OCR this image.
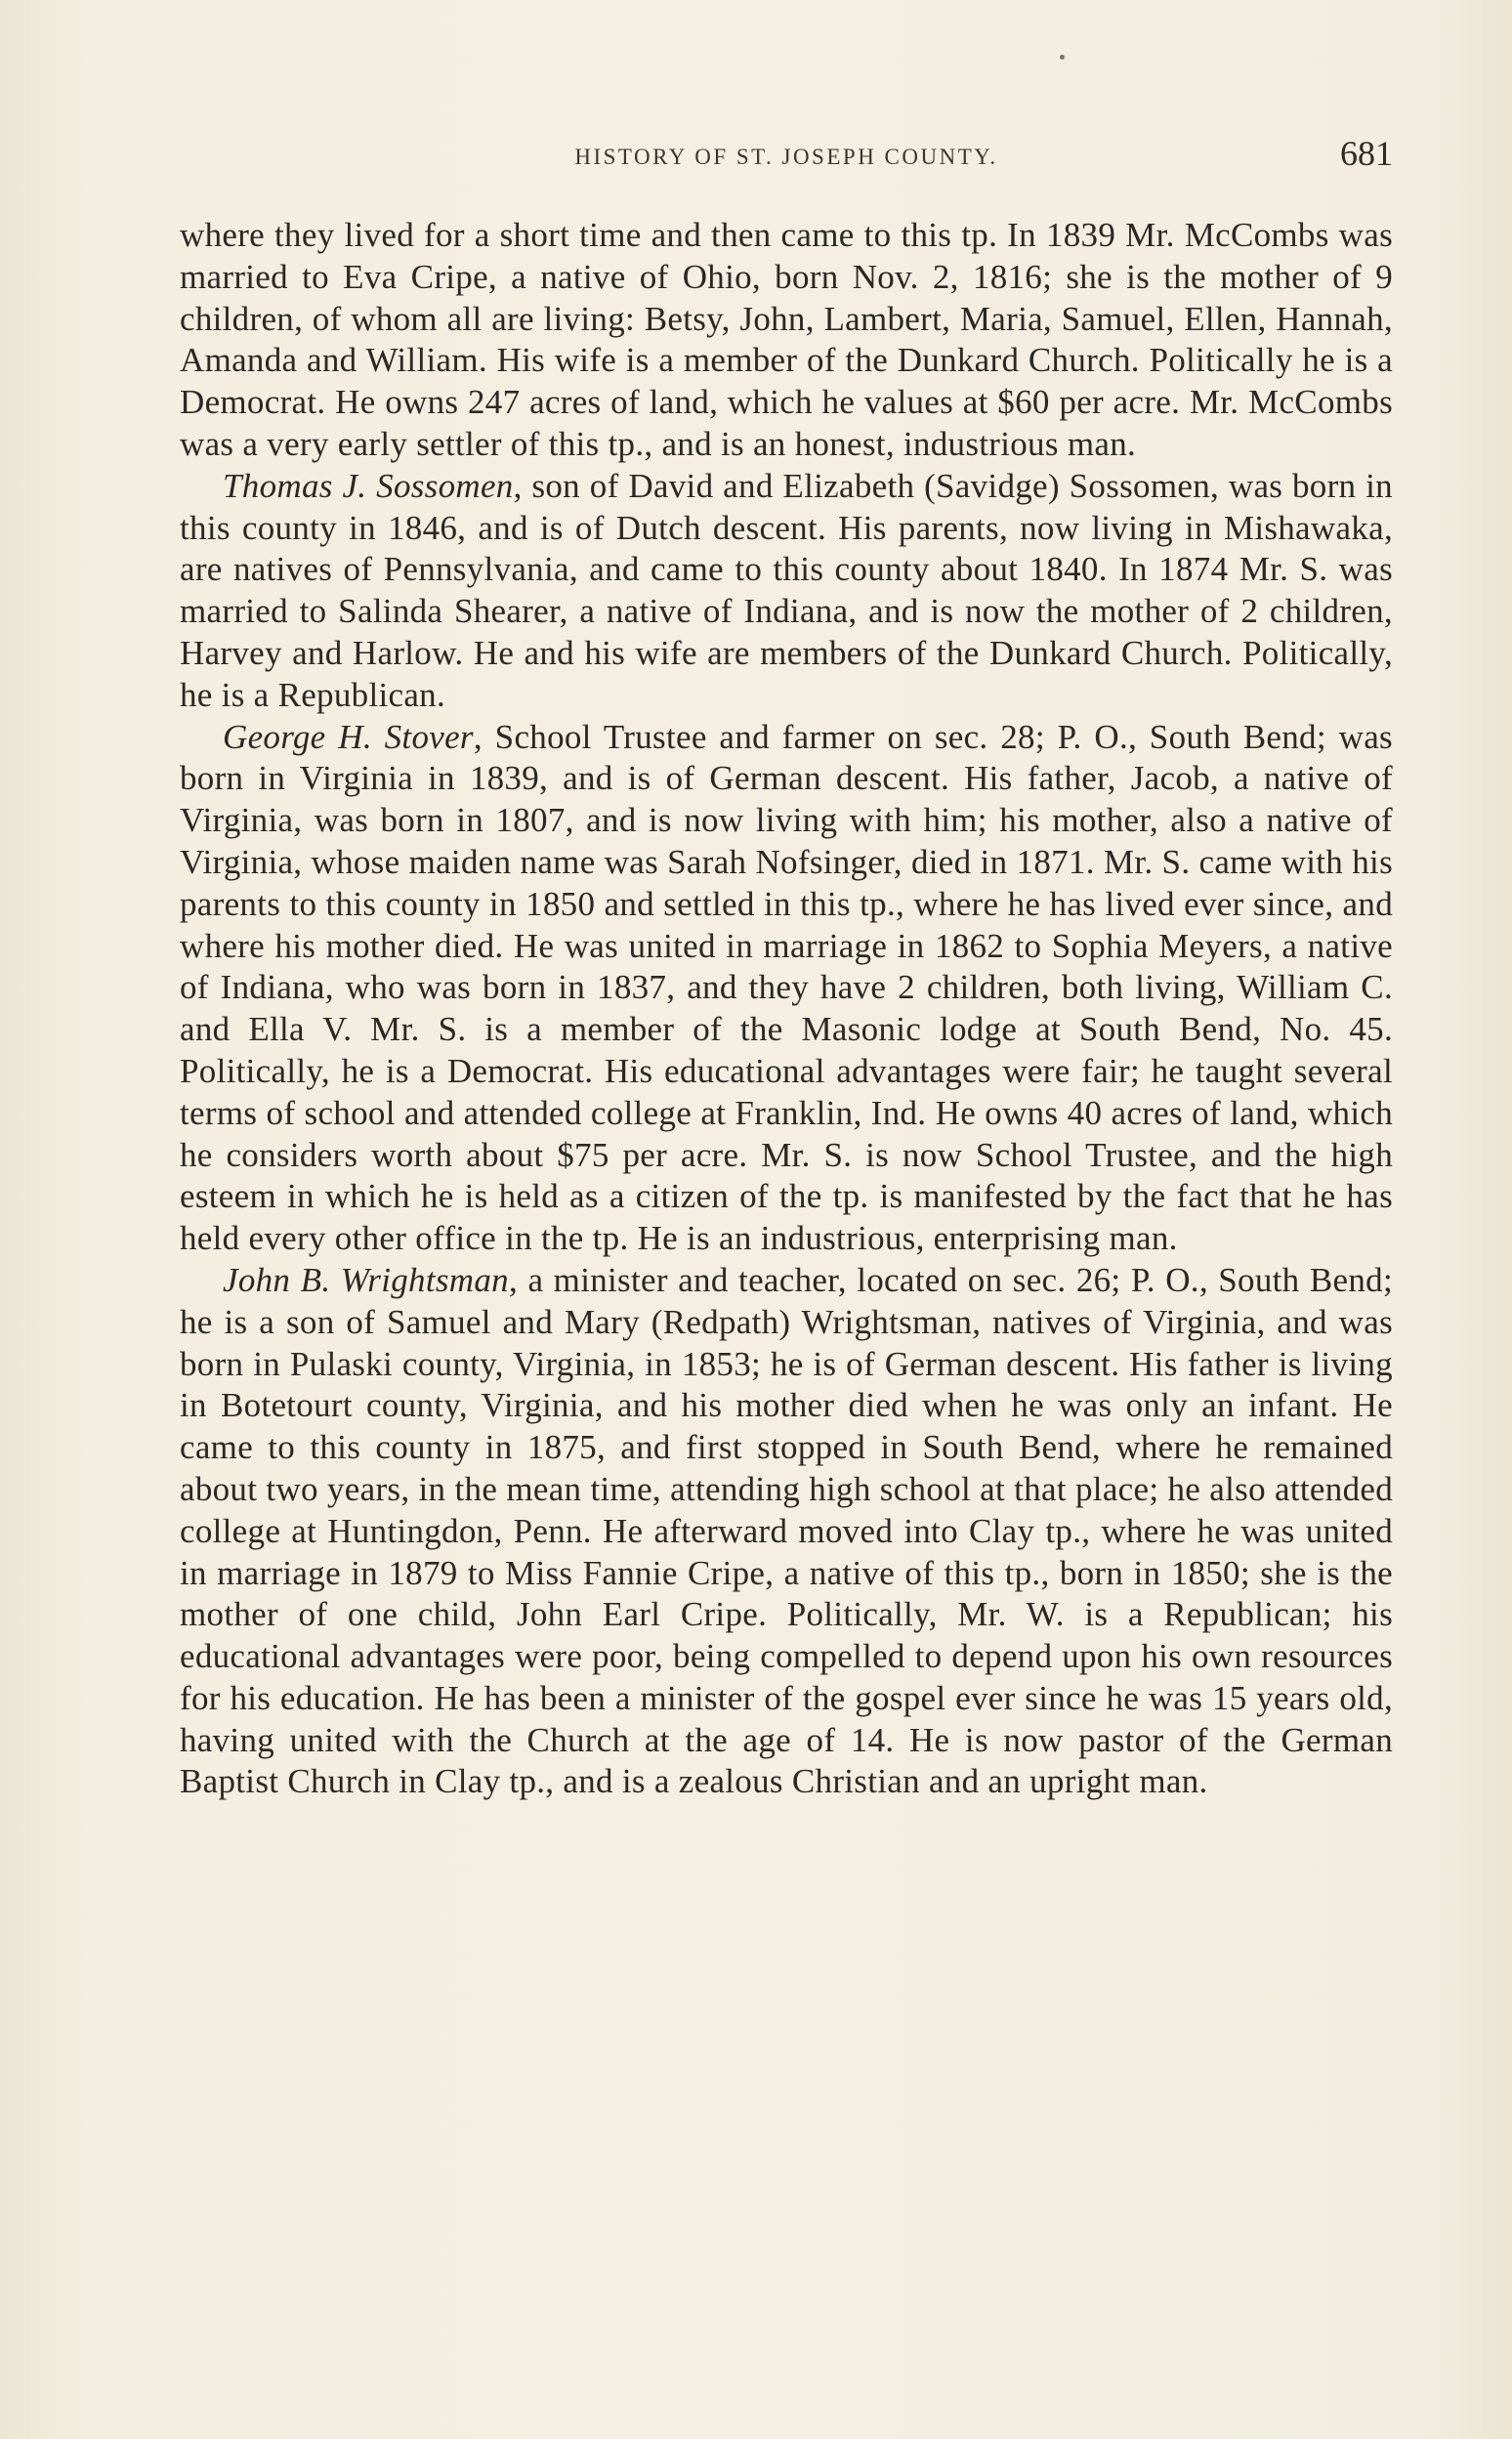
HISTORY OF ST. JOSEPH COUNTY.	681

where they lived for a short time and then came to this tp. In 1839 Mr. McCombs was married to Eva Cripe, a native of Ohio, born Nov. 2, 1816; she is the mother of 9 children, of whom all are living: Betsy, John, Lambert, Maria, Samuel, Ellen, Hannah, Amanda and William. His wife is a member of the Dunkard Church. Politically he is a Democrat. He owns 247 acres of land, which he values at $60 per acre. Mr. McCombs was a very early settler of this tp., and is an honest, industrious man.

Thomas J. Sossomen, son of David and Elizabeth (Savidge) Sossomen, was born in this county in 1846, and is of Dutch descent. His parents, now living in Mishawaka, are natives of Pennsylvania, and came to this county about 1840. In 1874 Mr. S. was married to Salinda Shearer, a native of Indiana, and is now the mother of 2 children, Harvey and Harlow. He and his wife are members of the Dunkard Church. Politically, he is a Republican.

George H. Stover, School Trustee and farmer on sec. 28; P. O., South Bend; was born in Virginia in 1839, and is of German descent. His father, Jacob, a native of Virginia, was born in 1807, and is now living with him; his mother, also a native of Virginia, whose maiden name was Sarah Nofsinger, died in 1871. Mr. S. came with his parents to this county in 1850 and settled in this tp., where he has lived ever since, and where his mother died. He was united in marriage in 1862 to Sophia Meyers, a native of Indiana, who was born in 1837, and they have 2 children, both living, William C. and Ella V. Mr. S. is a member of the Masonic lodge at South Bend, No. 45. Politically, he is a Democrat. His educational advantages were fair; he taught several terms of school and attended college at Franklin, Ind. He owns 40 acres of land, which he considers worth about $75 per acre. Mr. S. is now School Trustee, and the high esteem in which he is held as a citizen of the tp. is manifested by the fact that he has held every other office in the tp. He is an industrious, enterprising man.

John B. Wrightsman, a minister and teacher, located on sec. 26; P. O., South Bend; he is a son of Samuel and Mary (Redpath) Wrightsman, natives of Virginia, and was born in Pulaski county, Virginia, in 1853; he is of German descent. His father is living in Botetourt county, Virginia, and his mother died when he was only an infant. He came to this county in 1875, and first stopped in South Bend, where he remained about two years, in the mean time, attending high school at that place; he also attended college at Huntingdon, Penn. He afterward moved into Clay tp., where he was united in marriage in 1879 to Miss Fannie Cripe, a native of this tp., born in 1850; she is the mother of one child, John Earl Cripe. Politically, Mr. W. is a Republican; his educational advantages were poor, being compelled to depend upon his own resources for his education. He has been a minister of the gospel ever since he was 15 years old, having united with the Church at the age of 14. He is now pastor of the German Baptist Church in Clay tp., and is a zealous Christian and an upright man.
